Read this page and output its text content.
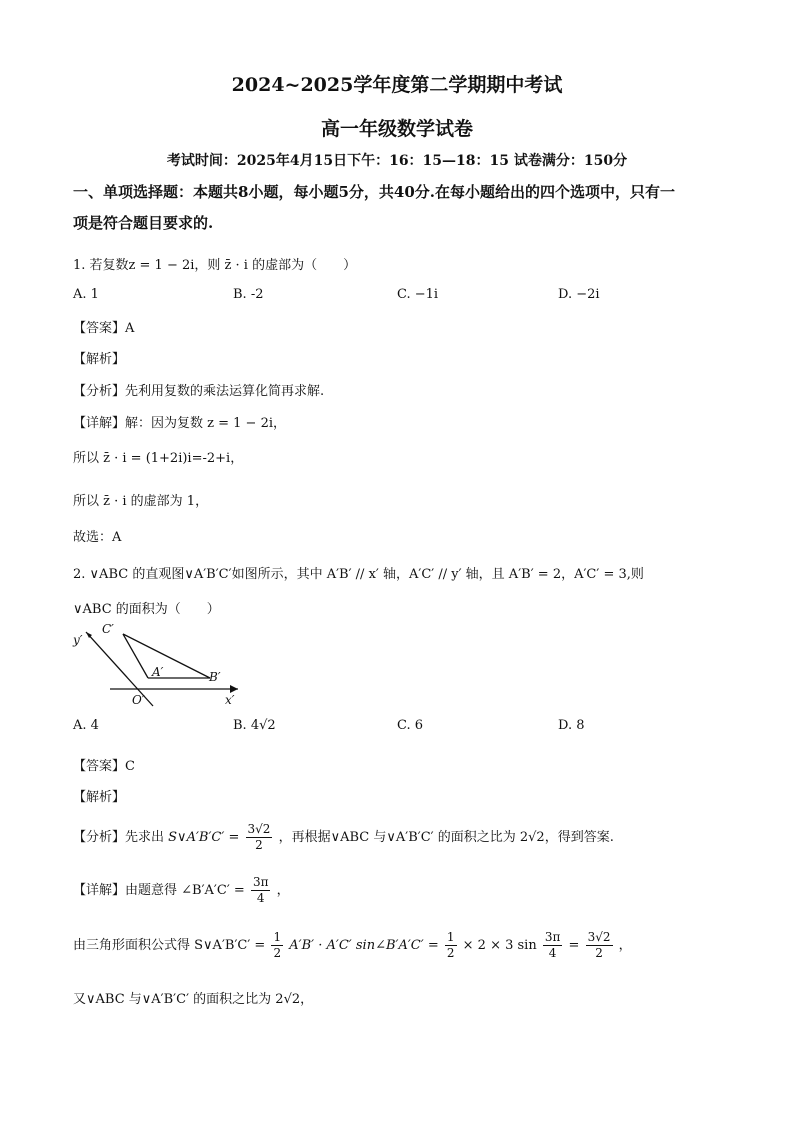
2024~2025学年度第二学期期中考试
高一年级数学试卷
考试时间：2025年4月15日下午：16：15—18：15 试卷满分：150分
一、单项选择题：本题共8小题，每小题5分，共40分.在每小题给出的四个选项中，只有一
项是符合题目要求的.
1. 若复数z = 1 − 2i，则 z̄ · i 的虚部为（　　）
A. 1	B. -2	C. −1i	D. −2i
【答案】A
【解析】
【分析】先利用复数的乘法运算化简再求解.
【详解】解：因为复数 z = 1 − 2i，
所以 z̄ · i = (1+2i)i=-2+i，
所以 z̄ · i 的虚部为 1，
故选：A
2. ∨ABC 的直观图∨A′B′C′如图所示，其中 A′B′ // x′ 轴，A′C′ // y′ 轴，且 A′B′ = 2，A′C′ = 3,则
∨ABC 的面积为（　　）
C′
A′	B′
O′	x′
y′
A. 4	B. 4√2	C. 6	D. 8
【答案】C
【解析】
【分析】先求出 S∨A′B′C′ = $\frac{3√2}{2}$ ，再根据∨ABC 与∨A′B′C′ 的面积之比为 2√2，得到答案.
【详解】由题意得 ∠B′A′C′ = $\frac{3\pi}{4}$ ，
由三角形面积公式得 S∨A′B′C′ = $\frac{1}{2} A'B' \cdot A'C'$ sin∠B′A′C′ = $\frac{1}{2} \times 2 \times 3$ $\sin \frac{3\pi}{4} = \frac{3√2}{2}$ ，
又∨ABC 与∨A′B′C′ 的面积之比为 2√2，
